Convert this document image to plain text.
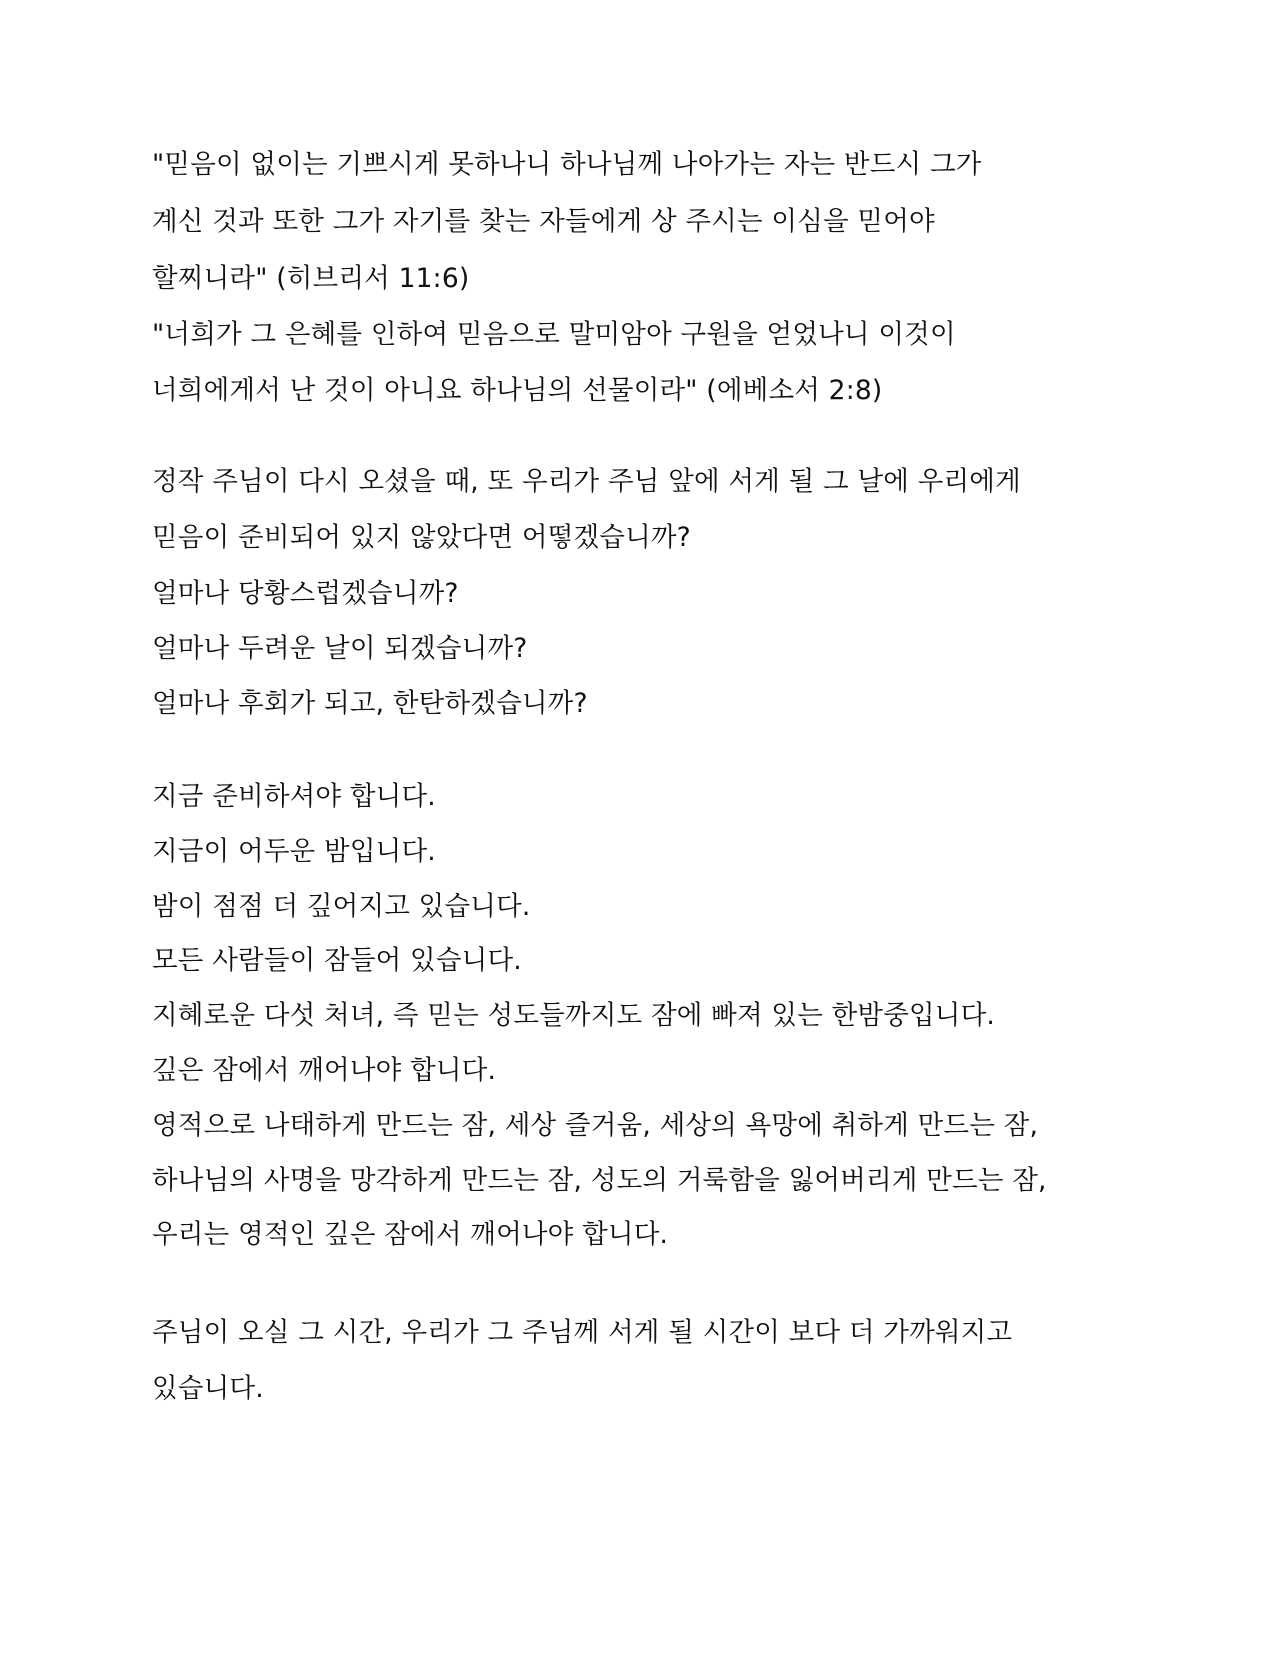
"믿음이 없이는 기쁘시게 못하나니 하나님께 나아가는 자는 반드시 그가
계신 것과 또한 그가 자기를 찾는 자들에게 상 주시는 이심을 믿어야
할찌니라" (히브리서 11:6)
"너희가 그 은혜를 인하여 믿음으로 말미암아 구원을 얻었나니 이것이
너희에게서 난 것이 아니요 하나님의 선물이라" (에베소서 2:8)
정작 주님이 다시 오셨을 때, 또 우리가 주님 앞에 서게 될 그 날에 우리에게
믿음이 준비되어 있지 않았다면 어떻겠습니까?
얼마나 당황스럽겠습니까?
얼마나 두려운 날이 되겠습니까?
얼마나 후회가 되고, 한탄하겠습니까?
지금 준비하셔야 합니다.
지금이 어두운 밤입니다.
밤이 점점 더 깊어지고 있습니다.
모든 사람들이 잠들어 있습니다.
지혜로운 다섯 처녀, 즉 믿는 성도들까지도 잠에 빠져 있는 한밤중입니다.
깊은 잠에서 깨어나야 합니다.
영적으로 나태하게 만드는 잠, 세상 즐거움, 세상의 욕망에 취하게 만드는 잠,
하나님의 사명을 망각하게 만드는 잠, 성도의 거룩함을 잃어버리게 만드는 잠,
우리는 영적인 깊은 잠에서 깨어나야 합니다.
주님이 오실 그 시간, 우리가 그 주님께 서게 될 시간이 보다 더 가까워지고
있습니다.
